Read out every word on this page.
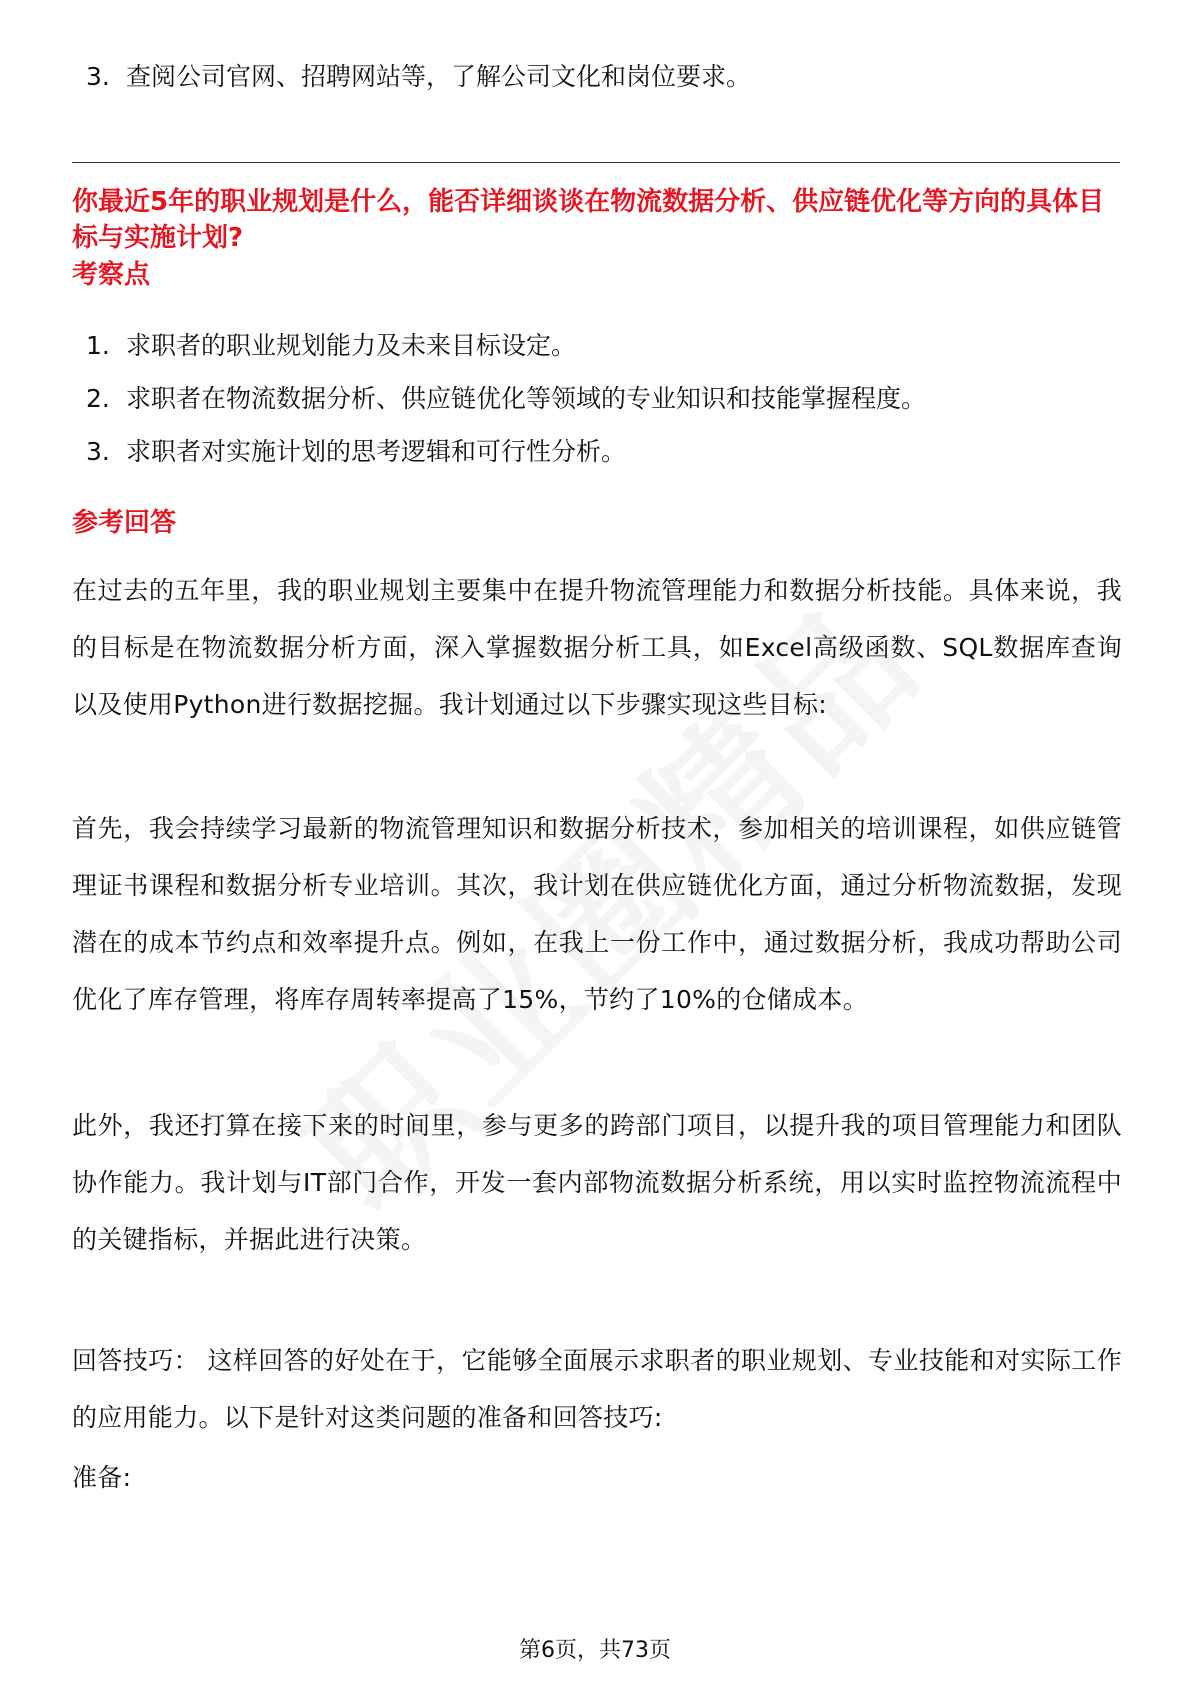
3. 查阅公司官网、招聘网站等，了解公司文化和岗位要求。
你最近5年的职业规划是什么，能否详细谈谈在物流数据分析、供应链优化等方向的具体目标与实施计划?
考察点
1. 求职者的职业规划能力及未来目标设定。
2. 求职者在物流数据分析、供应链优化等领域的专业知识和技能掌握程度。
3. 求职者对实施计划的思考逻辑和可行性分析。
参考回答
在过去的五年里，我的职业规划主要集中在提升物流管理能力和数据分析技能。具体来说，我的目标是在物流数据分析方面，深入掌握数据分析工具，如Excel高级函数、SQL数据库查询以及使用Python进行数据挖掘。我计划通过以下步骤实现这些目标:
首先，我会持续学习最新的物流管理知识和数据分析技术，参加相关的培训课程，如供应链管理证书课程和数据分析专业培训。其次，我计划在供应链优化方面，通过分析物流数据，发现潜在的成本节约点和效率提升点。例如，在我上一份工作中，通过数据分析，我成功帮助公司优化了库存管理，将库存周转率提高了15%，节约了10%的仓储成本。
此外，我还打算在接下来的时间里，参与更多的跨部门项目，以提升我的项目管理能力和团队协作能力。我计划与IT部门合作，开发一套内部物流数据分析系统，用以实时监控物流流程中的关键指标，并据此进行决策。
回答技巧： 这样回答的好处在于，它能够全面展示求职者的职业规划、专业技能和对实际工作的应用能力。以下是针对这类问题的准备和回答技巧:
准备:
第6页，共73页
